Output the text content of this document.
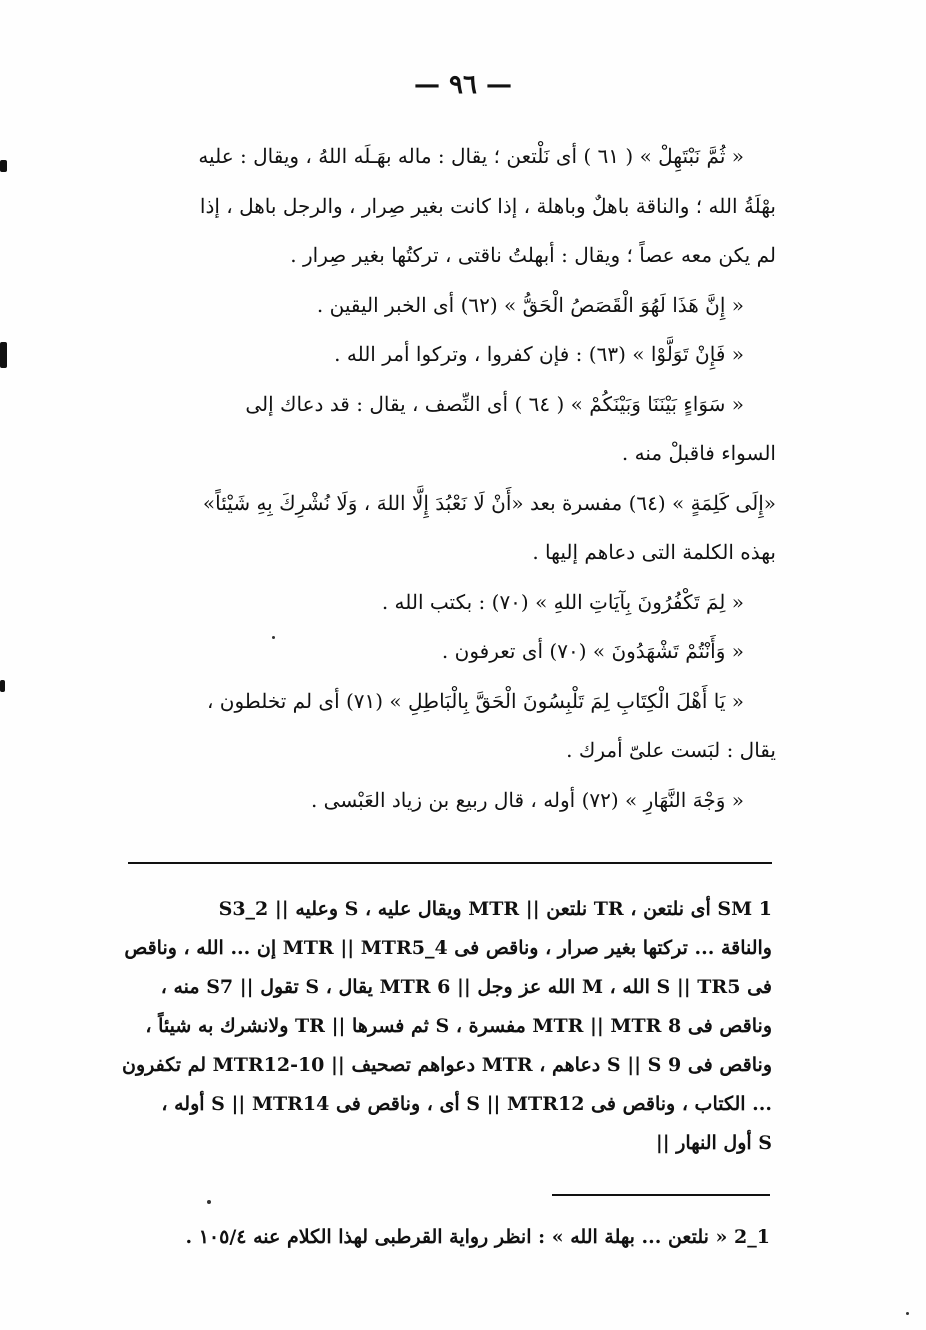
— ٩٦ —
« ثُمَّ نَبْتَهِلْ » ( ٦١ ) أى نَلْتعن ؛ يقال : ماله بهَـلَه اللهُ ، ويقال : عليه
بهْلَةُ الله ؛ والناقة باهلٌ وباهلة ، إذا كانت بغير صِرار ، والرجل باهل ، إذا
لم يكن معه عصاً ؛ ويقال : أبهلتُ ناقتى ، تركتُها بغير صِرار .
« إِنَّ هَذَا لَهُوَ الْقَصَصُ الْحَقُّ » (٦٢) أى الخبر اليقين .
« فَإِنْ تَوَلَّوْا » (٦٣) : فإن كفروا ، وتركوا أمر الله .
« سَوَاءٍ بَيْنَنَا وَبَيْنَكُمْ » ( ٦٤ ) أى النِّصف ، يقال : قد دعاك إلى
السواء فاقبلْ منه .
«إِلَى كَلِمَةٍ » (٦٤) مفسرة بعد «أَنْ لَا نَعْبُدَ إِلَّا اللهَ ، وَلَا نُشْرِكَ بِهِ شَيْئاً»
بهذه الكلمة التى دعاهم إليها .
« لِمَ تَكْفُرُونَ بِآيَاتِ اللهِ » (٧٠) : بكتب الله .
« وَأَنْتُمْ تَشْهَدُونَ » (٧٠) أى تعرفون .
« يَا أَهْلَ الْكِتَابِ لِمَ تَلْبِسُونَ الْحَقَّ بِالْبَاطِلِ » (٧١) أى لم تخلطون ،
يقال : لبَست علىّ أمرك .
« وَجْهَ النَّهَارِ » (٧٢) أوله ، قال ربيع بن زياد العَبْسى .
SM 1 أى نلتعن ، TR نلتعن || MTR ويقال عليه ، S وعليه || S3_2
والناقة ... تركتها بغير صرار ، وناقص فى MTR || MTR5_4 إن ... الله ، وناقص
فى S || TR5 الله ، M الله عز وجل || MTR 6 يقال ، S تقول || S7 منه ،
وناقص فى MTR || MTR 8 مفسرة ، S ثم فسرها || TR ولانشرك به شيئاً ،
وناقص فى S || S 9 دعاهم ، MTR دعواهم تصحيف || MTR12-10 لم تكفرون
... الكتاب ، وناقص فى S || MTR12 أى ، وناقص فى S || MTR14 أوله ،
S أول النهار ||
1_2 « نلتعن ... بهلة الله » : انظر رواية القرطبى لهذا الكلام عنه ١٠٥/٤ .
